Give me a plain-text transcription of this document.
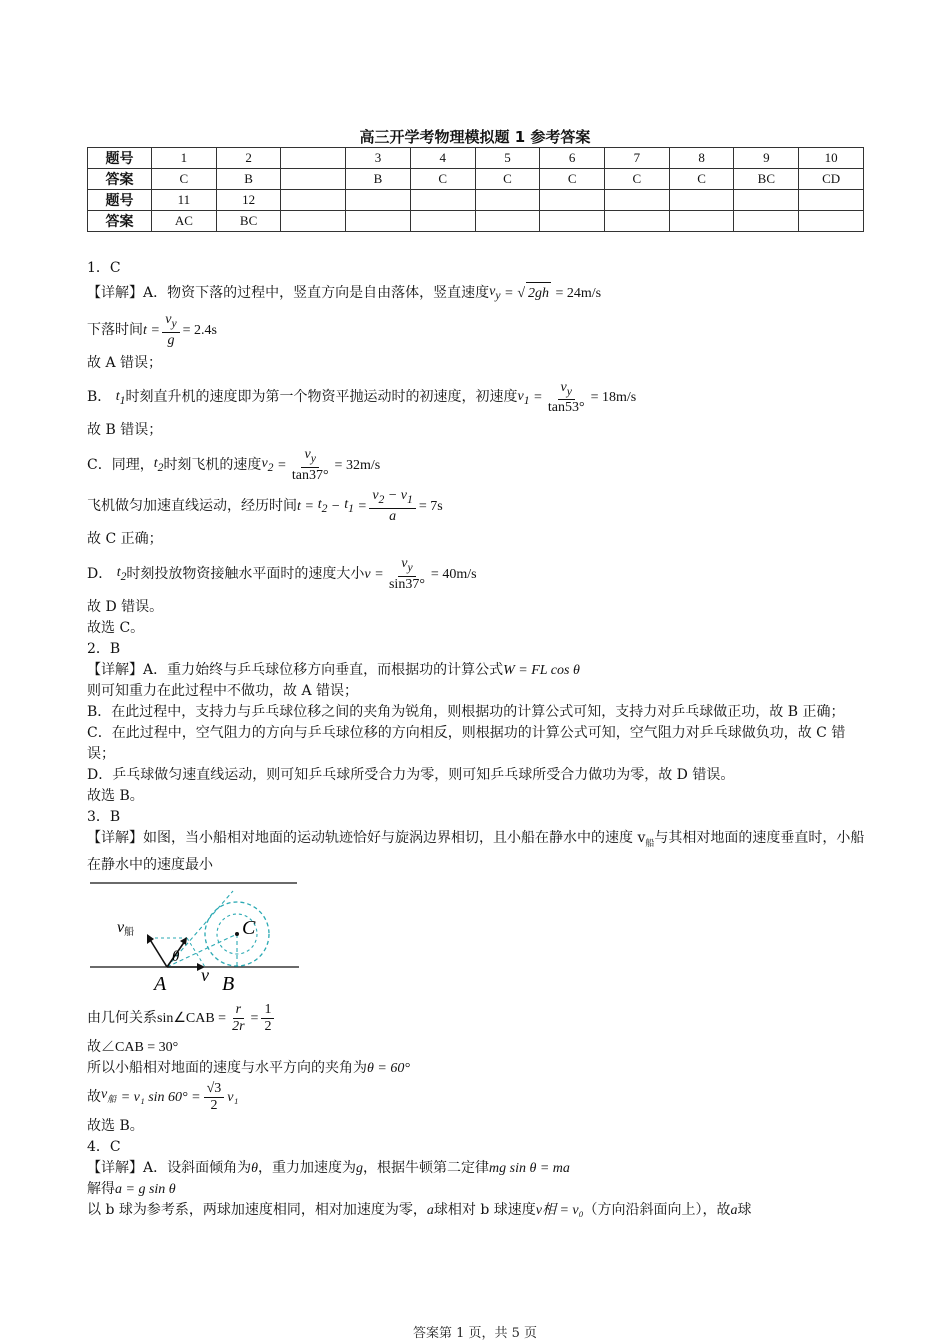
高三开学考物理模拟题 1 参考答案
题号	1	2		3	4	5	6	7	8	9	10
答案	C	B		B	C	C	C	C	C	BC	CD
题号	11	12									
答案	AC	BC									
1．C
【详解】A．物资下落的过程中，竖直方向是自由落体，竖直速度 $v_y$
=
√ 2gh
= 24m/s
下落时间 t
= $\frac{v_y}{g} = 2.4s$
故 A 错误；
B．
$t_1$ 时刻直升机的速度即为第一个物资平抛运动时的初速度，初速度 $v_1$
= $\frac{v_y}{\tan 53^\circ} = 18m/s$
故 B 错误；
C．同理， $t_2$ 时刻飞机的速度 $v_2$
= $\frac{v_y}{\tan 37^\circ} = 32m/s$
飞机做匀加速直线运动，经历时间 t
=
$t_2$
−
$t_1$
= $\frac{v_2 - v_1}{a} = 7s$
故 C 正确；
D．
$t_2$ 时刻投放物资接触水平面时的速度大小 v
= $\frac{v_y}{\sin 37^\circ} = 40m/s$
故 D 错误。
故选 C。
2．B
【详解】A．重力始终与乒乓球位移方向垂直，而根据功的计算公式W = FL cos θ
则可知重力在此过程中不做功，故 A 错误；
B．在此过程中，支持力与乒乓球位移之间的夹角为锐角，则根据功的计算公式可知，支持力对乒乓球做正功，故 B 正确；
C．在此过程中，空气阻力的方向与乒乓球位移的方向相反，则根据功的计算公式可知，空气阻力对乒乓球做负功，故 C 错误；
D．乒乓球做匀速直线运动，则可知乒乓球所受合力为零，则可知乒乓球所受合力做功为零，故 D 错误。
故选 B。
3．B
【详解】如图，当小船相对地面的运动轨迹恰好与旋涡边界相切，且小船在静水中的速度 $v_船$与其相对地面的速度垂直时，小船在静水中的速度最小
v船	C
θ
A v B
由几何关系 sin∠CAB = $\frac{r}{2r} = \frac{1}{2}$
故∠CAB = 30°
所以小船相对地面的速度与水平方向的夹角为θ = 60°
故 $v_船$
= v₁ $\sin 60^\circ = \frac{√3}{2} v_1$
故选 B。
4．C
【详解】A．设斜面倾角为θ，重力加速度为g，根据牛顿第二定律mg sin θ = ma
解得a = g sin θ
以 b 球为参考系，两球加速度相同，相对加速度为零，a球相对 b 球速度v相 = v₀（方向沿斜面向上），故a球
答案第 1 页，共 5 页
